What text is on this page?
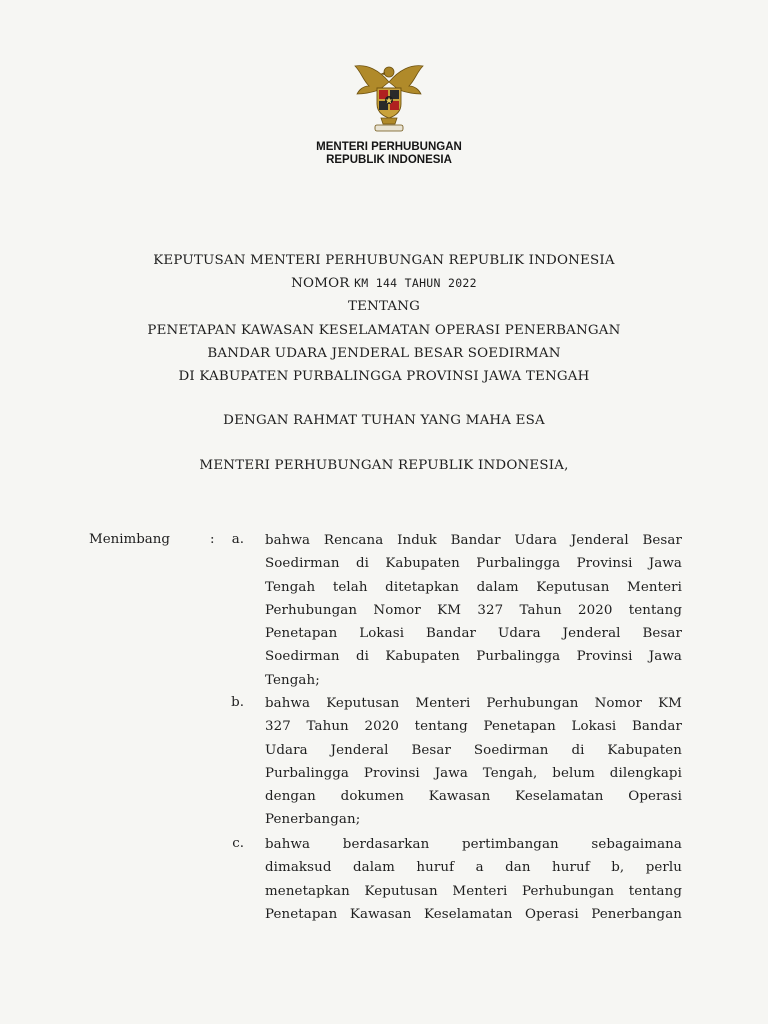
MENTERI PERHUBUNGAN
REPUBLIK INDONESIA
KEPUTUSAN MENTERI PERHUBUNGAN REPUBLIK INDONESIA
NOMOR KM 144 TAHUN 2022
TENTANG
PENETAPAN KAWASAN KESELAMATAN OPERASI PENERBANGAN
BANDAR UDARA JENDERAL BESAR SOEDIRMAN
DI KABUPATEN PURBALINGGA PROVINSI JAWA TENGAH
DENGAN RAHMAT TUHAN YANG MAHA ESA
MENTERI PERHUBUNGAN REPUBLIK INDONESIA,
Menimbang	:	a. bahwa Rencana Induk Bandar Udara Jenderal Besar
Soedirman di Kabupaten Purbalingga Provinsi Jawa
Tengah telah ditetapkan dalam Keputusan Menteri
Perhubungan Nomor KM 327 Tahun 2020 tentang
Penetapan Lokasi Bandar Udara Jenderal Besar
Soedirman di Kabupaten Purbalingga Provinsi Jawa
Tengah;
b. bahwa Keputusan Menteri Perhubungan Nomor KM
327 Tahun 2020 tentang Penetapan Lokasi Bandar
Udara Jenderal Besar Soedirman di Kabupaten
Purbalingga Provinsi Jawa Tengah, belum dilengkapi
dengan dokumen Kawasan Keselamatan Operasi
Penerbangan;
c. bahwa berdasarkan pertimbangan sebagaimana
dimaksud dalam huruf a dan huruf b, perlu
menetapkan Keputusan Menteri Perhubungan tentang
Penetapan Kawasan Keselamatan Operasi Penerbangan
